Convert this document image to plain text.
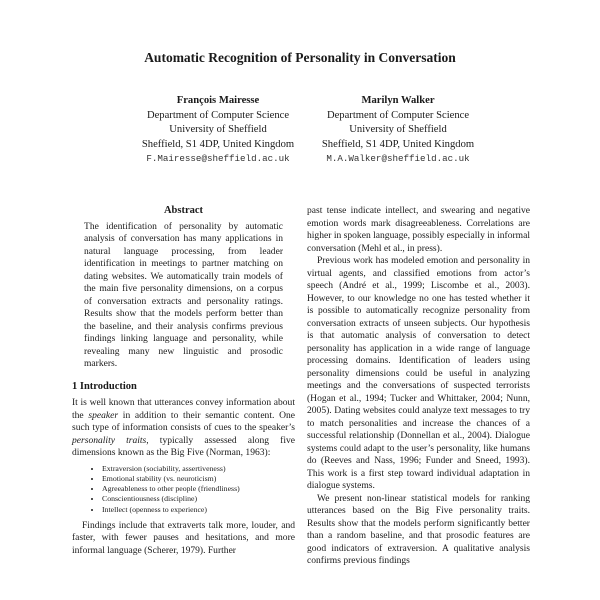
Automatic Recognition of Personality in Conversation
François Mairesse
Department of Computer Science
University of Sheffield
Sheffield, S1 4DP, United Kingdom
F.Mairesse@sheffield.ac.uk
Marilyn Walker
Department of Computer Science
University of Sheffield
Sheffield, S1 4DP, United Kingdom
M.A.Walker@sheffield.ac.uk
Abstract

The identification of personality by automatic analysis of conversation has many applications in natural language processing, from leader identification in meetings to partner matching on dating websites. We automatically train models of the main five personality dimensions, on a corpus of conversation extracts and personality ratings. Results show that the models perform better than the baseline, and their analysis confirms previous findings linking language and personality, while revealing many new linguistic and prosodic markers.

1 Introduction

It is well known that utterances convey information about the speaker in addition to their semantic content. One such type of information consists of cues to the speaker’s personality traits, typically assessed along five dimensions known as the Big Five (Norman, 1963):

• Extraversion (sociability, assertiveness)
• Emotional stability (vs. neuroticism)
• Agreeableness to other people (friendliness)
• Conscientiousness (discipline)
• Intellect (openness to experience)

Findings include that extraverts talk more, louder, and faster, with fewer pauses and hesitations, and more informal language (Scherer, 1979). Further

past tense indicate intellect, and swearing and negative emotion words mark disagreeableness. Correlations are higher in spoken language, possibly especially in informal conversation (Mehl et al., in press).

Previous work has modeled emotion and personality in virtual agents, and classified emotions from actor’s speech (André et al., 1999; Liscombe et al., 2003). However, to our knowledge no one has tested whether it is possible to automatically recognize personality from conversation extracts of unseen subjects. Our hypothesis is that automatic analysis of conversation to detect personality has application in a wide range of language processing domains. Identification of leaders using personality dimensions could be useful in analyzing meetings and the conversations of suspected terrorists (Hogan et al., 1994; Tucker and Whittaker, 2004; Nunn, 2005). Dating websites could analyze text messages to try to match personalities and increase the chances of a successful relationship (Donnellan et al., 2004). Dialogue systems could adapt to the user’s personality, like humans do (Reeves and Nass, 1996; Funder and Sneed, 1993). This work is a first step toward individual adaptation in dialogue systems.

We present non-linear statistical models for ranking utterances based on the Big Five personality traits. Results show that the models perform significantly better than a random baseline, and that prosodic features are good indicators of extraversion. A qualitative analysis confirms previous findings
